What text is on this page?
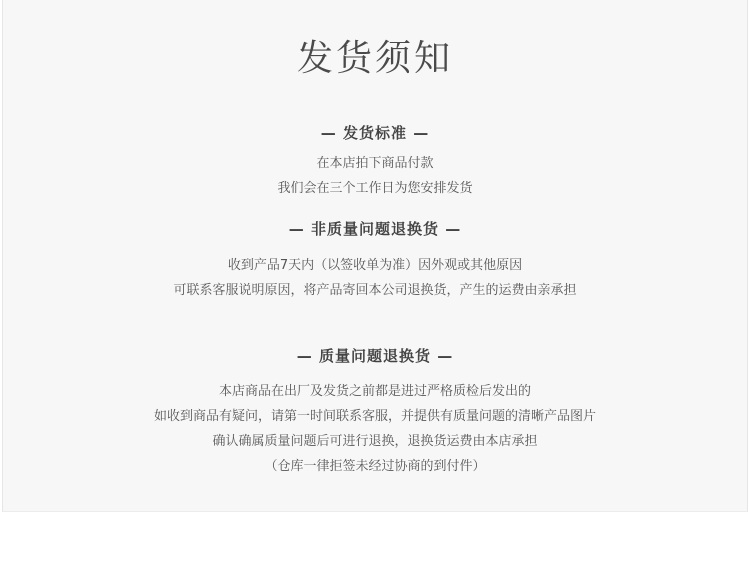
发货须知
— 发货标准 —
在本店拍下商品付款
我们会在三个工作日为您安排发货
— 非质量问题退换货 —
收到产品7天内（以签收单为准）因外观或其他原因
可联系客服说明原因，将产品寄回本公司退换货，产生的运费由亲承担
— 质量问题退换货 —
本店商品在出厂及发货之前都是进过严格质检后发出的
如收到商品有疑问，请第一时间联系客服，并提供有质量问题的清晰产品图片
确认确属质量问题后可进行退换，退换货运费由本店承担
（仓库一律拒签未经过协商的到付件）
